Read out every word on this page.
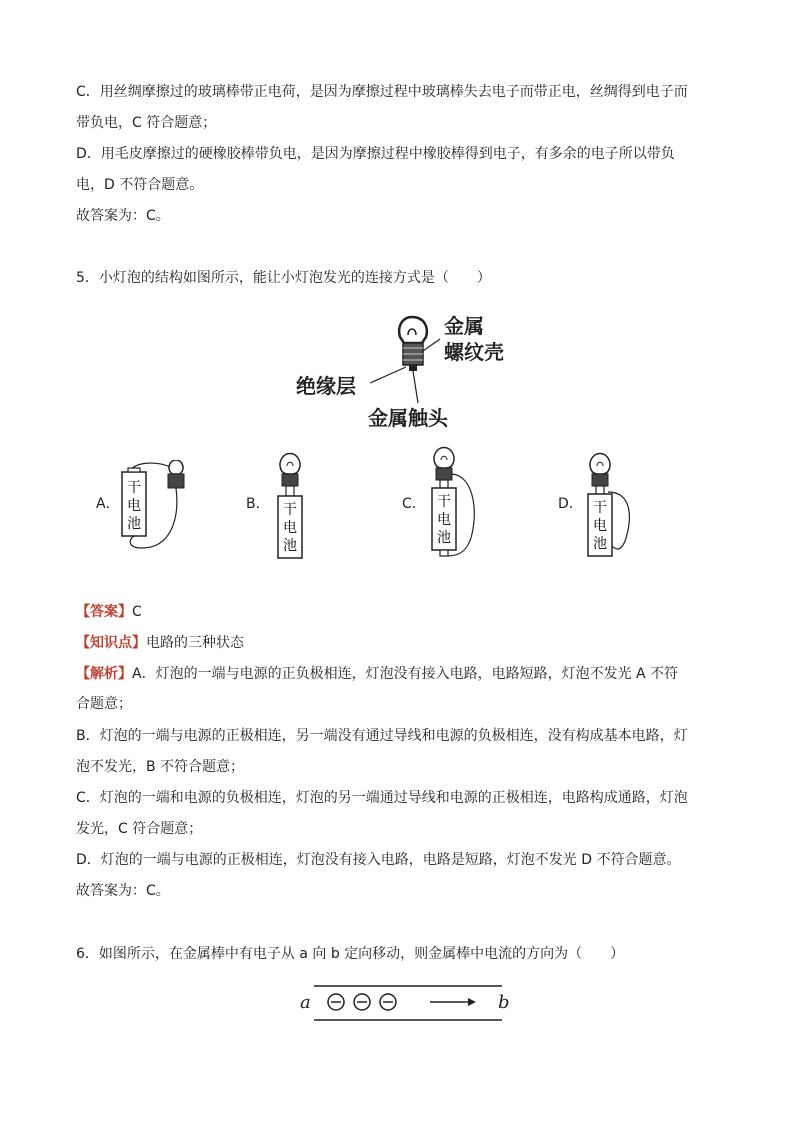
C．用丝绸摩擦过的玻璃棒带正电荷，是因为摩擦过程中玻璃棒失去电子而带正电，丝绸得到电子而
带负电，C 符合题意；
D．用毛皮摩擦过的硬橡胶棒带负电，是因为摩擦过程中橡胶棒得到电子，有多余的电子所以带负
电，D 不符合题意。
故答案为：C。
5．小灯泡的结构如图所示，能让小灯泡发光的连接方式是（　　）
金属
螺纹壳
绝缘层
金属触头
A．
干
电
池
B． 干
电
池
C． 干
电
池
D． 干
电
池
【答案】C
【知识点】电路的三种状态
【解析】A．灯泡的一端与电源的正负极相连，灯泡没有接入电路，电路短路，灯泡不发光 A 不符
合题意；
B．灯泡的一端与电源的正极相连，另一端没有通过导线和电源的负极相连，没有构成基本电路，灯
泡不发光，B 不符合题意；
C．灯泡的一端和电源的负极相连，灯泡的另一端通过导线和电源的正极相连，电路构成通路，灯泡
发光，C 符合题意；
D．灯泡的一端与电源的正极相连，灯泡没有接入电路，电路是短路，灯泡不发光 D 不符合题意。
故答案为：C。
6．如图所示，在金属棒中有电子从 a 向 b 定向移动，则金属棒中电流的方向为（　　）
a	b
